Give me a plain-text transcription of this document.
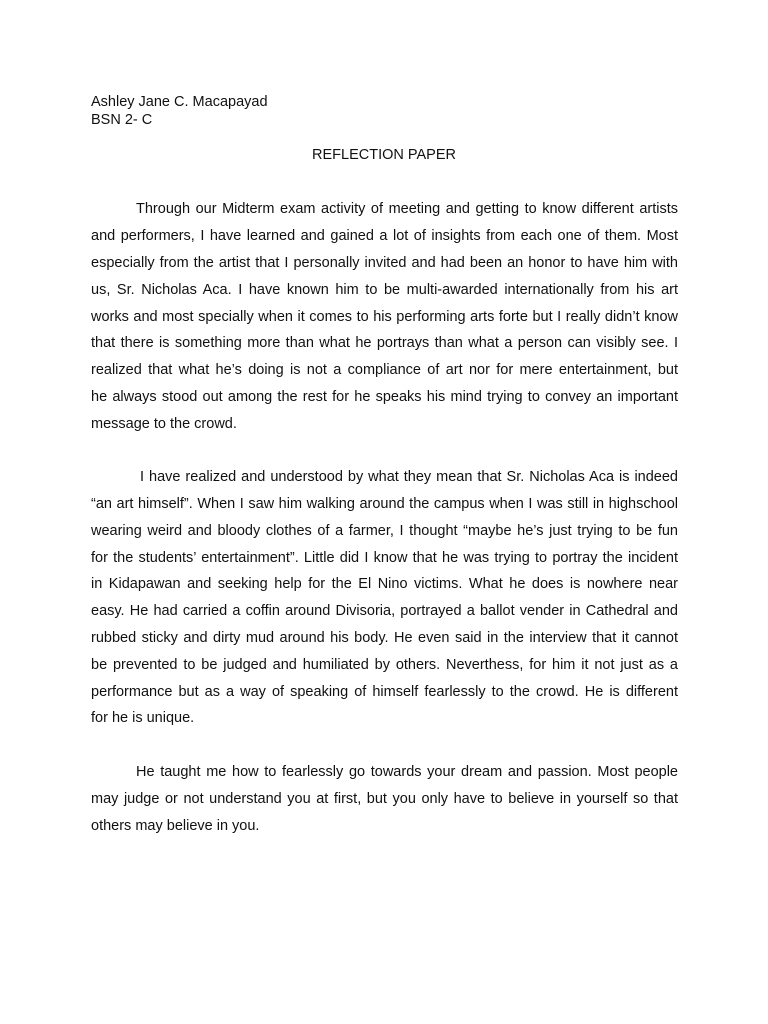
Ashley Jane C. Macapayad
BSN 2- C
REFLECTION PAPER
Through our Midterm exam activity of meeting and getting to know different artists
and performers, I have learned and gained a lot of insights from each one of them. Most
especially from the artist that I personally invited and had been an honor to have him with
us, Sr. Nicholas Aca. I have known him to be multi-awarded internationally from his art
works and most specially when it comes to his performing arts forte but I really didn’t know
that there is something more than what he portrays than what a person can visibly see. I
realized that what he’s doing is not a compliance of art nor for mere entertainment, but
he always stood out among the rest for he speaks his mind trying to convey an important
message to the crowd.
I have realized and understood by what they mean that Sr. Nicholas Aca is indeed
“an art himself”. When I saw him walking around the campus when I was still in highschool
wearing weird and bloody clothes of a farmer, I thought “maybe he’s just trying to be fun
for the students’ entertainment”. Little did I know that he was trying to portray the incident
in Kidapawan and seeking help for the El Nino victims. What he does is nowhere near
easy. He had carried a coffin around Divisoria, portrayed a ballot vender in Cathedral and
rubbed sticky and dirty mud around his body. He even said in the interview that it cannot
be prevented to be judged and humiliated by others. Neverthess, for him it not just as a
performance but as a way of speaking of himself fearlessly to the crowd. He is different
for he is unique.
He taught me how to fearlessly go towards your dream and passion. Most people
may judge or not understand you at first, but you only have to believe in yourself so that
others may believe in you.
